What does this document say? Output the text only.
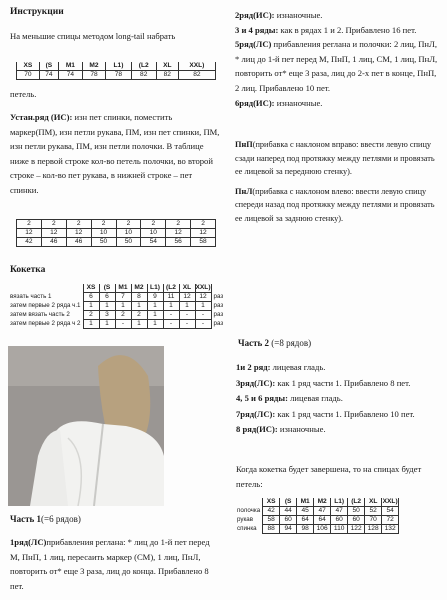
Инструкции
На меньшие спицы методом long-tail набрать
XS	(S	M1	M2	L1)	(L2	XL	XXL)
70	74	74	78	78	82	82	82
петель.
Устан.ряд (ИС): изн пет спинки, поместить маркер(ПМ), изн петли рукава, ПМ, изн пет спинки, ПМ, изн петли рукава, ПМ, изн петли полочки. В таблице ниже в первой строке кол-во петель полочки, во второй строке – кол-во пет рукава, в нижней строке – пет спинки.
2	2	2	2	2	2	2	2
12	12	12	10	10	10	12	12
42	46	46	50	50	54	56	58
Кокетка
	XS	(S	M1	M2	L1)	(L2	XL	XXL)	
вязать часть 1	6	6	7	8	9	11	12	12	раз
затем первые 2 ряда ч.1	1	1	1	1	1	1	1	1	раз
затем вязать часть 2	2	3	2	2	1	-	-	-	раз
затем первые 2 ряда ч 2	1	1	-	1	1	-	-	-	раз
Часть 1(=6 рядов)
1ряд(ЛС)прибавления реглана: * лиц до 1-й пет перед М, ПнП, 1 лиц, пересаить маркер (СМ), 1 лиц, ПнЛ, повторить от* еще 3 раза, лиц до конца. Прибавлено 8 пет.
2ряд(ИС): изнаночные.
3 и 4 ряды: как в рядах 1 и 2. Прибавлено 16 пет.
5ряд(ЛС) прибавления реглана и полочки: 2 лиц, ПнЛ, * лиц до 1-й пет перед М, ПнП, 1 лиц, СМ, 1 лиц, ПнЛ, повторить от* еще 3 раза, лиц до 2-х пет в конце, ПнП, 2 лиц. Прибавлено 10 пет.
6ряд(ИС): изнаночные.
ПнП(прибавка с наклоном вправо: ввести левую спицу сзади наперед под протяжку между петлями и провязать ее лицевой за переднюю стенку).
ПнЛ(прибавка с наклоном влево: ввести левую спицу спереди назад под протяжку между петлями и провязать ее лицевой за заднюю стенку).
Часть 2 (=8 рядов)
1и 2 ряд: лицевая гладь.
3ряд(ЛС): как 1 ряд части 1. Прибавлено 8 пет.
4, 5 и 6 ряды: лицевая гладь.
7ряд(ЛС): как 1 ряд части 1. Прибавлено 10 пет.
8 ряд(ИС): изнаночные.
Когда кокетка будет завершена, то на спицах будет петель:
	XS	(S	M1	M2	L1)	(L2	XL	XXL)
полочка	42	44	45	47	47	50	52	54
рукав	58	60	64	64	60	60	70	72
спинка	88	94	98	106	110	122	128	132
